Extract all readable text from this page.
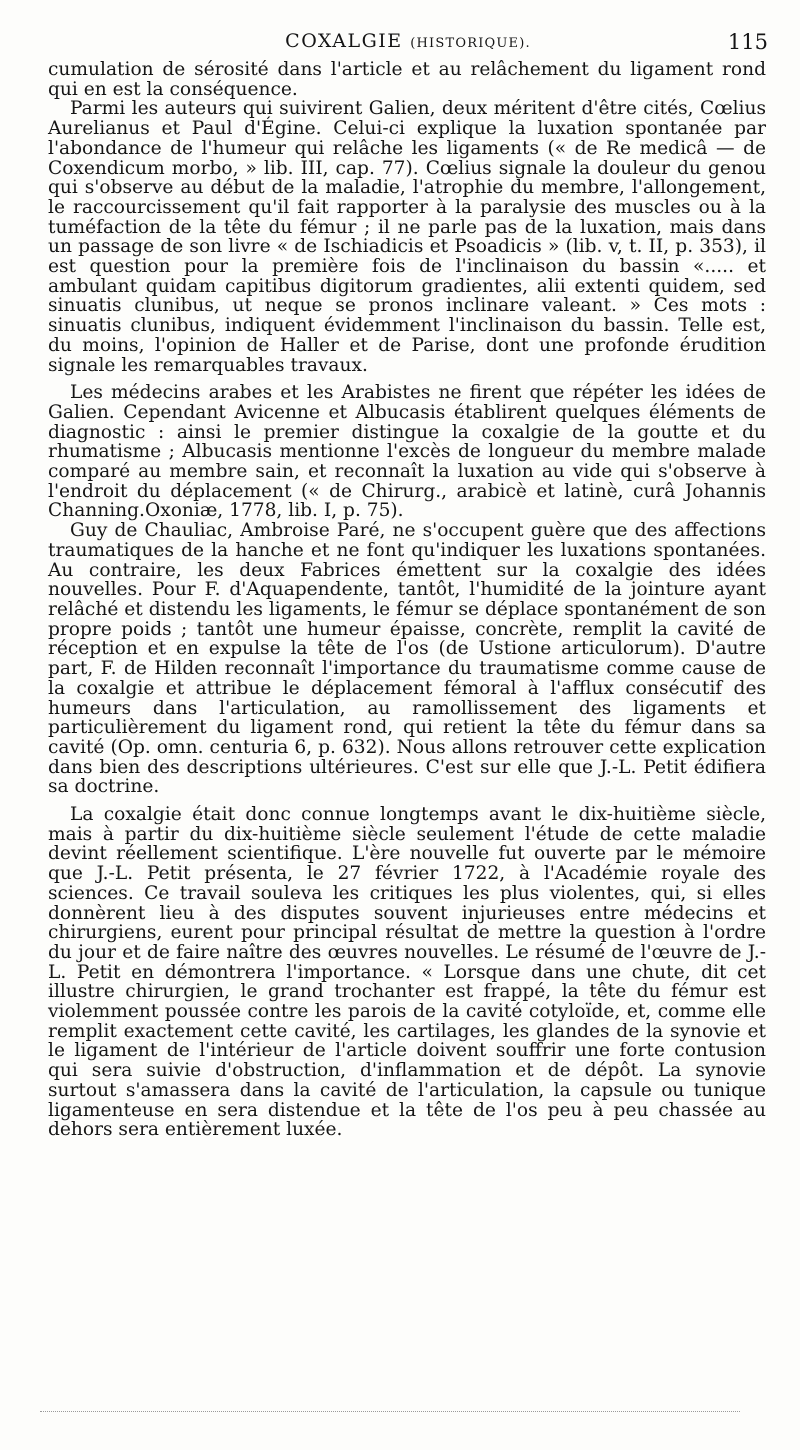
COXALGIE (HISTORIQUE).	115

cumulation de sérosité dans l'article et au relâchement du ligament rond qui en est la conséquence.

Parmi les auteurs qui suivirent Galien, deux méritent d'être cités, Cœlius Aurelianus et Paul d'Égine. Celui-ci explique la luxation spontanée par l'abondance de l'humeur qui relâche les ligaments (« de Re medicâ — de Coxendicum morbo, » lib. III, cap. 77). Cœlius signale la douleur du genou qui s'observe au début de la maladie, l'atrophie du membre, l'allongement, le raccourcissement qu'il fait rapporter à la paralysie des muscles ou à la tuméfaction de la tête du fémur ; il ne parle pas de la luxation, mais dans un passage de son livre « de Ischiadicis et Psoadicis » (lib. v, t. II, p. 353), il est question pour la première fois de l'inclinaison du bassin «..... et ambulant quidam capitibus digitorum gradientes, alii extenti quidem, sed sinuatis clunibus, ut neque se pronos inclinare valeant. » Ces mots : sinuatis clunibus, indiquent évidemment l'inclinaison du bassin. Telle est, du moins, l'opinion de Haller et de Parise, dont une profonde érudition signale les remarquables travaux.

Les médecins arabes et les Arabistes ne firent que répéter les idées de Galien. Cependant Avicenne et Albucasis établirent quelques éléments de diagnostic : ainsi le premier distingue la coxalgie de la goutte et du rhumatisme ; Albucasis mentionne l'excès de longueur du membre malade comparé au membre sain, et reconnaît la luxation au vide qui s'observe à l'endroit du déplacement (« de Chirurg., arabicè et latinè, curâ Johannis Channing.Oxoniæ, 1778, lib. I, p. 75).

Guy de Chauliac, Ambroise Paré, ne s'occupent guère que des affections traumatiques de la hanche et ne font qu'indiquer les luxations spontanées. Au contraire, les deux Fabrices émettent sur la coxalgie des idées nouvelles. Pour F. d'Aquapendente, tantôt, l'humidité de la jointure ayant relâché et distendu les ligaments, le fémur se déplace spontanément de son propre poids ; tantôt une humeur épaisse, concrète, remplit la cavité de réception et en expulse la tête de l'os (de Ustione articulorum). D'autre part, F. de Hilden reconnaît l'importance du traumatisme comme cause de la coxalgie et attribue le déplacement fémoral à l'afflux consécutif des humeurs dans l'articulation, au ramollissement des ligaments et particulièrement du ligament rond, qui retient la tête du fémur dans sa cavité (Op. omn. centuria 6, p. 632). Nous allons retrouver cette explication dans bien des descriptions ultérieures. C'est sur elle que J.-L. Petit édifiera sa doctrine.

La coxalgie était donc connue longtemps avant le dix-huitième siècle, mais à partir du dix-huitième siècle seulement l'étude de cette maladie devint réellement scientifique. L'ère nouvelle fut ouverte par le mémoire que J.-L. Petit présenta, le 27 février 1722, à l'Académie royale des sciences. Ce travail souleva les critiques les plus violentes, qui, si elles donnèrent lieu à des disputes souvent injurieuses entre médecins et chirurgiens, eurent pour principal résultat de mettre la question à l'ordre du jour et de faire naître des œuvres nouvelles. Le résumé de l'œuvre de J.-L. Petit en démontrera l'importance. « Lorsque dans une chute, dit cet illustre chirurgien, le grand trochanter est frappé, la tête du fémur est violemment poussée contre les parois de la cavité cotyloïde, et, comme elle remplit exactement cette cavité, les cartilages, les glandes de la synovie et le ligament de l'intérieur de l'article doivent souffrir une forte contusion qui sera suivie d'obstruction, d'inflammation et de dépôt. La synovie surtout s'amassera dans la cavité de l'articulation, la capsule ou tunique ligamenteuse en sera distendue et la tête de l'os peu à peu chassée au dehors sera entièrement luxée.
